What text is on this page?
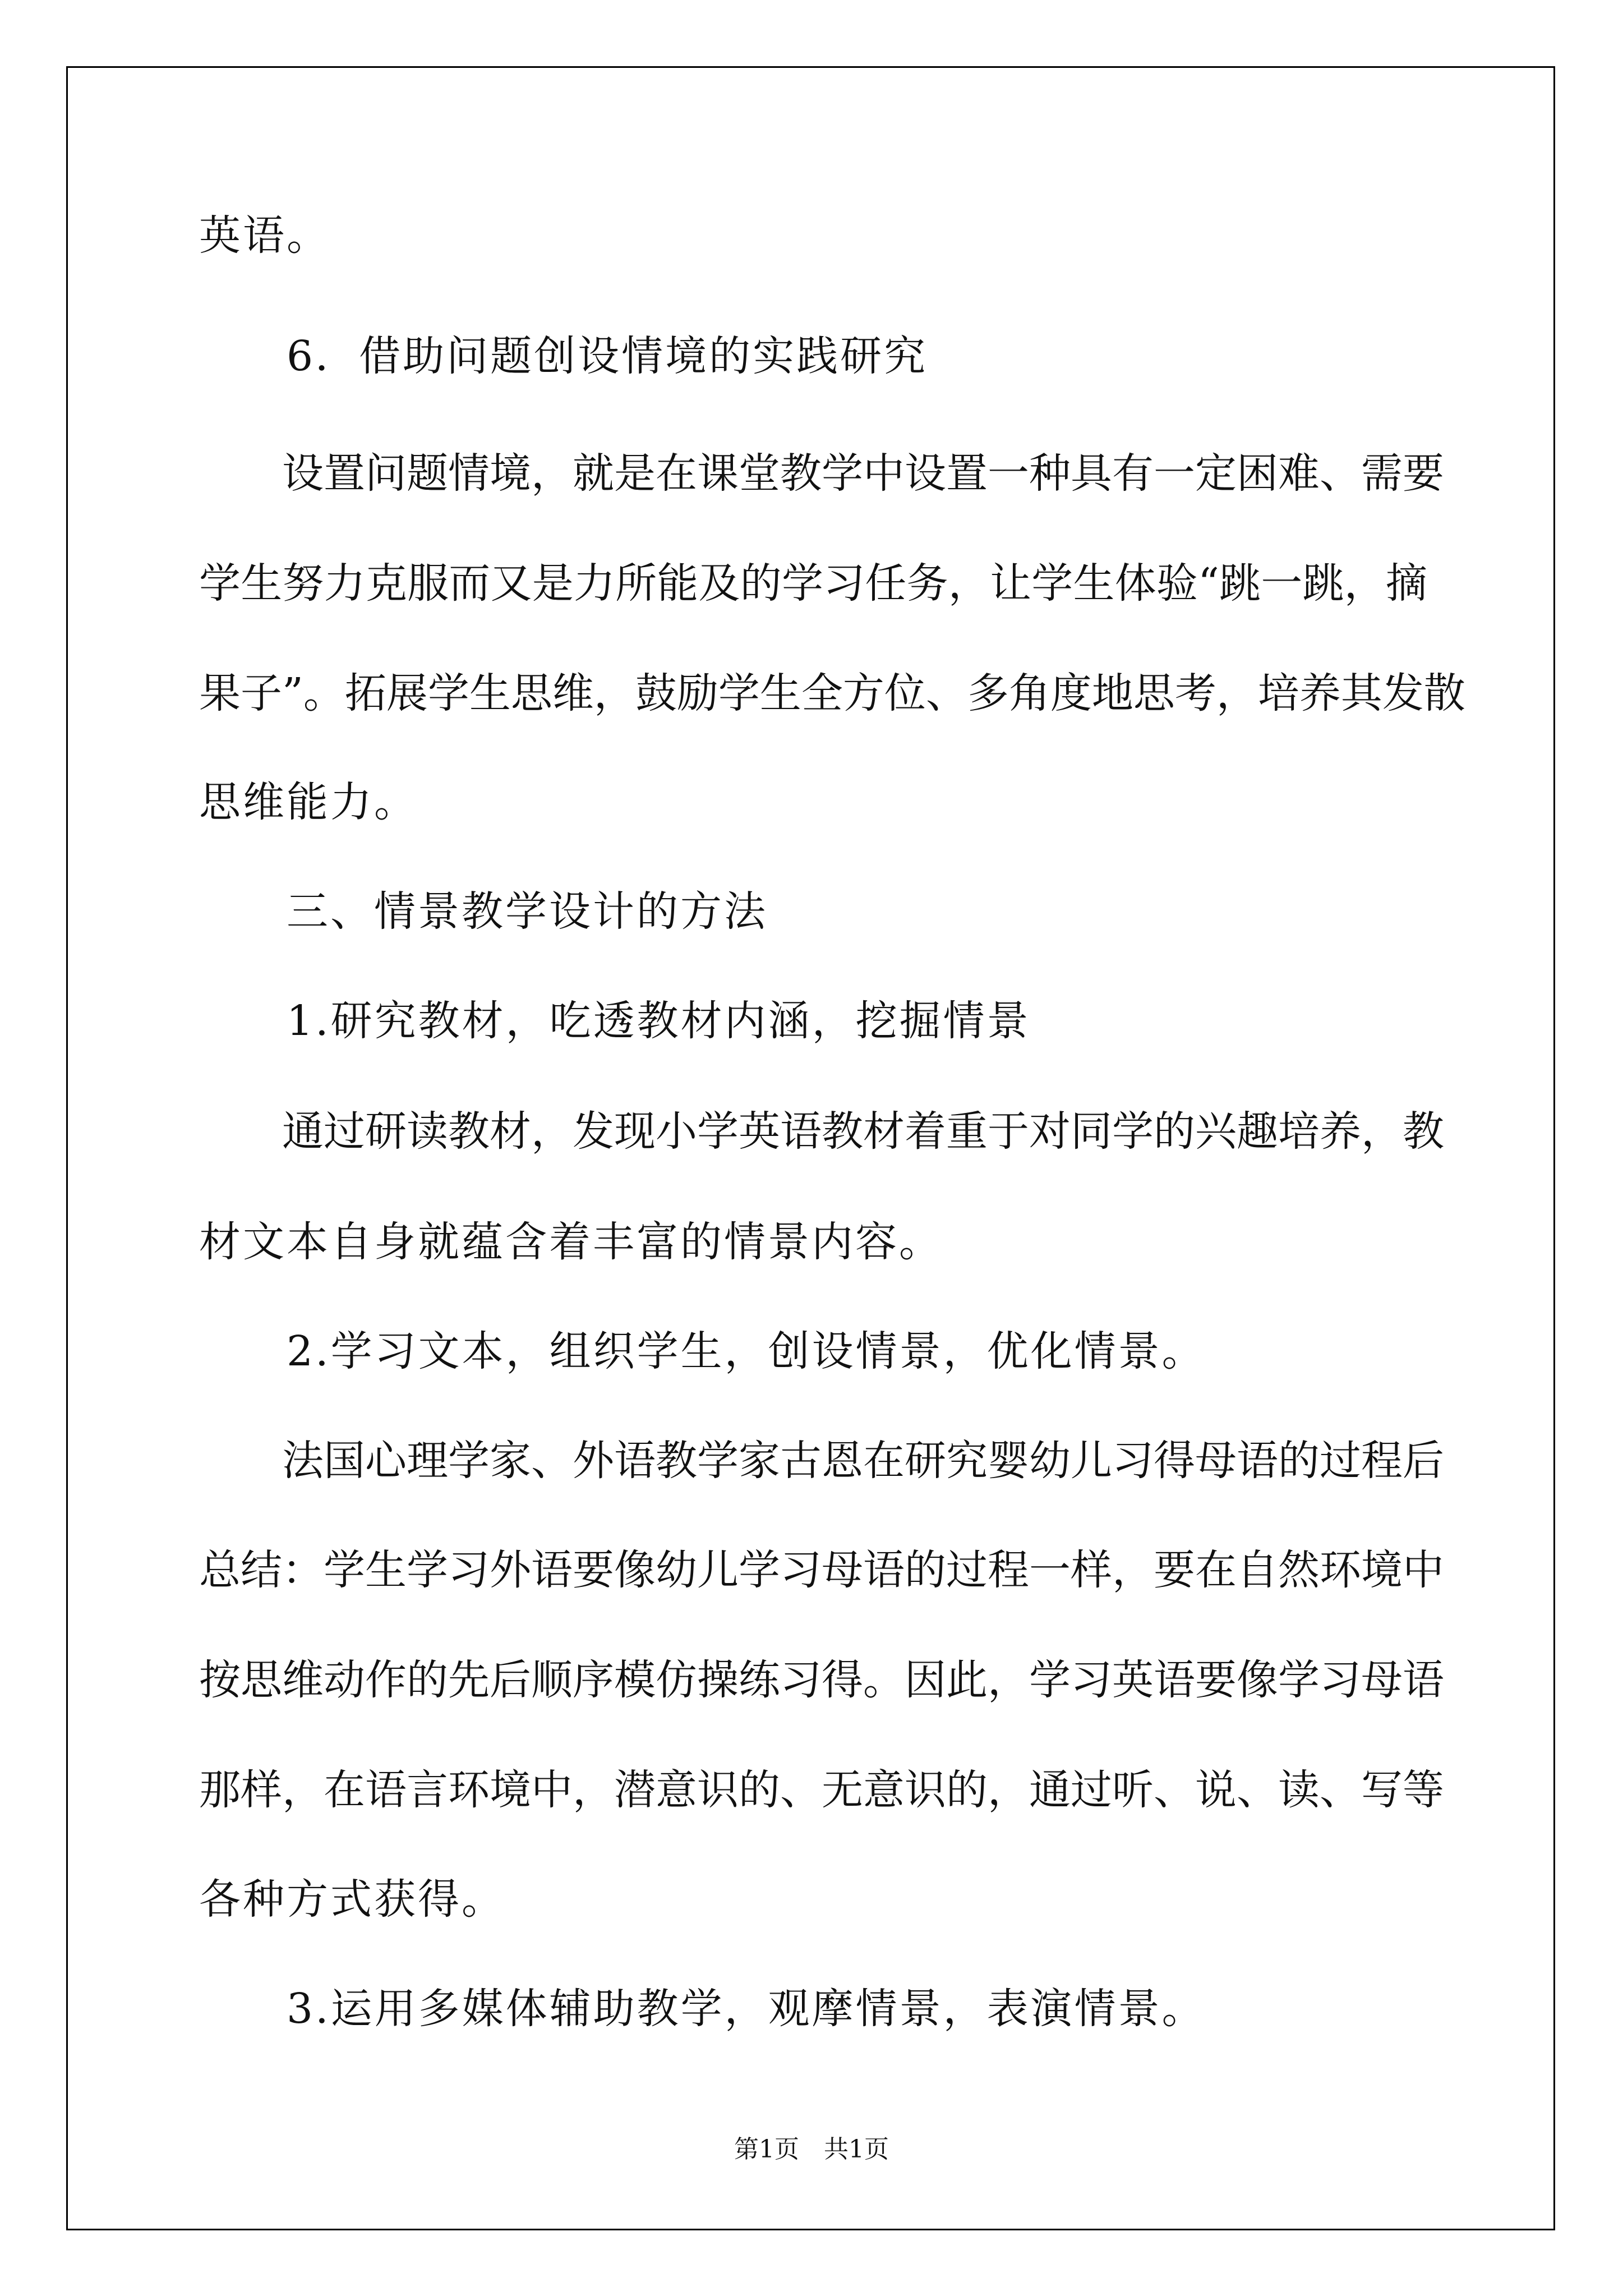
英语。
　　6．借助问题创设情境的实践研究
　　设置问题情境，就是在课堂教学中设置一种具有一定困难、需要
学生努力克服而又是力所能及的学习任务，让学生体验“跳一跳，摘
果子”。拓展学生思维，鼓励学生全方位、多角度地思考，培养其发散
思维能力。
　　三、情景教学设计的方法
　　1.研究教材，吃透教材内涵，挖掘情景
　　通过研读教材，发现小学英语教材着重于对同学的兴趣培养，教
材文本自身就蕴含着丰富的情景内容。
　　2.学习文本，组织学生，创设情景，优化情景。
　　法国心理学家、外语教学家古恩在研究婴幼儿习得母语的过程后
总结：学生学习外语要像幼儿学习母语的过程一样，要在自然环境中
按思维动作的先后顺序模仿操练习得。因此，学习英语要像学习母语
那样，在语言环境中，潜意识的、无意识的，通过听、说、读、写等
各种方式获得。
　　3.运用多媒体辅助教学，观摩情景，表演情景。
第1页　共1页
